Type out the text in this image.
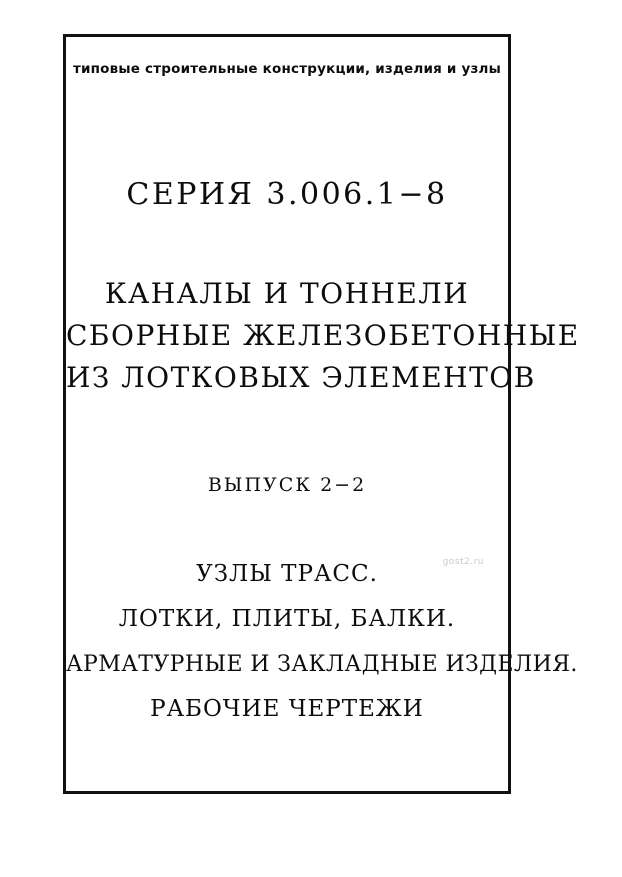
типовые строительные конструкции, изделия и узлы
СЕРИЯ 3.006.1−8
КАНАЛЫ И ТОННЕЛИ
СБОРНЫЕ ЖЕЛЕЗОБЕТОННЫЕ
ИЗ ЛОТКОВЫХ ЭЛЕМЕНТОВ
ВЫПУСК 2−2
УЗЛЫ ТРАСС.
ЛОТКИ, ПЛИТЫ, БАЛКИ.
АРМАТУРНЫЕ И ЗАКЛАДНЫЕ ИЗДЕЛИЯ.
РАБОЧИЕ ЧЕРТЕЖИ
gost2.ru
